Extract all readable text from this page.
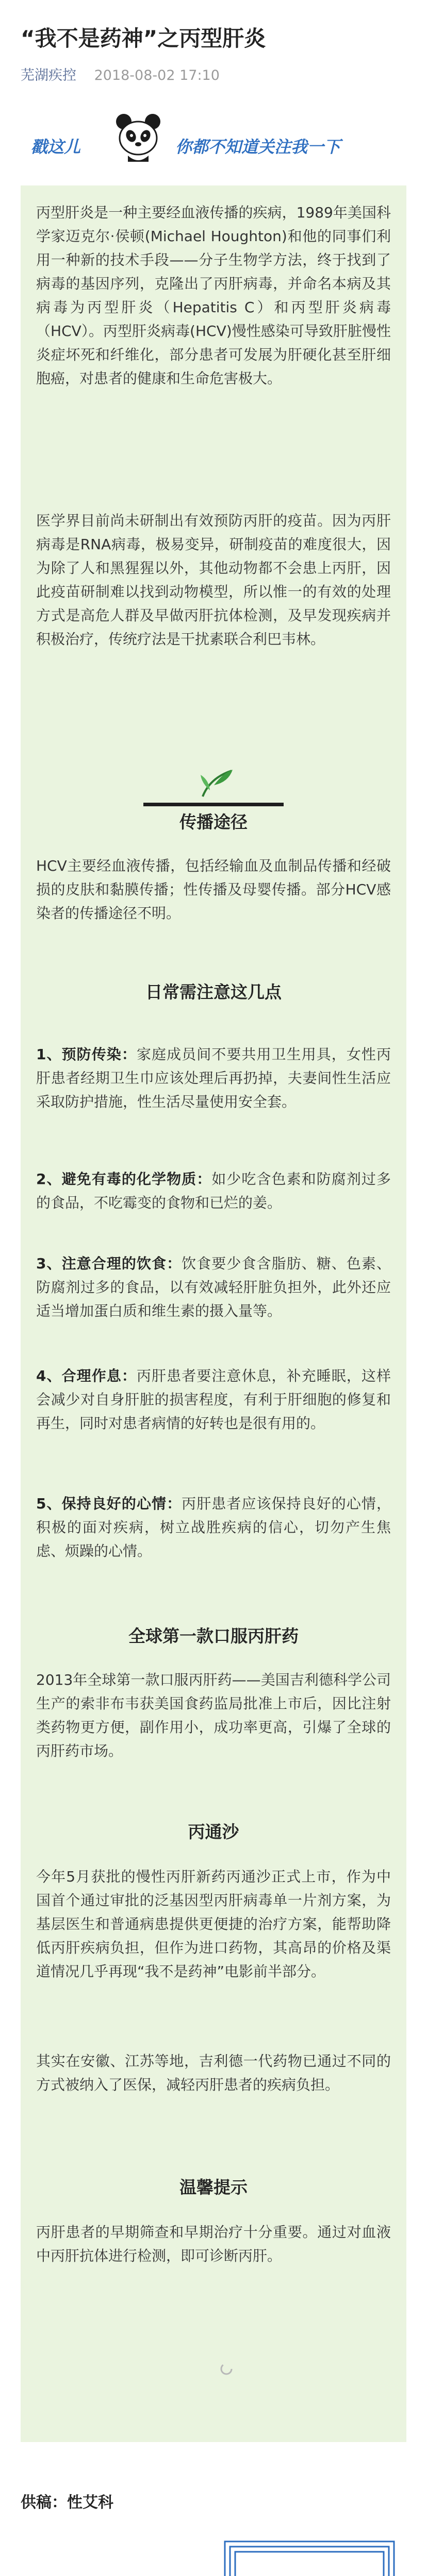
“我不是药神”之丙型肝炎
芜湖疾控 2018-08-02 17:10
戳这儿	你都不知道关注我一下

丙型肝炎是一种主要经血液传播的疾病，1989年美国科学家迈克尔·侯顿(Michael Houghton)和他的同事们利用一种新的技术手段——分子生物学方法，终于找到了病毒的基因序列，克隆出了丙肝病毒，并命名本病及其病毒为丙型肝炎（Hepatitis C）和丙型肝炎病毒（HCV）。丙型肝炎病毒(HCV)慢性感染可导致肝脏慢性炎症坏死和纤维化，部分患者可发展为肝硬化甚至肝细胞癌，对患者的健康和生命危害极大。

医学界目前尚未研制出有效预防丙肝的疫苗。因为丙肝病毒是RNA病毒，极易变异，研制疫苗的难度很大，因为除了人和黑猩猩以外，其他动物都不会患上丙肝，因此疫苗研制难以找到动物模型，所以惟一的有效的处理方式是高危人群及早做丙肝抗体检测，及早发现疾病并积极治疗，传统疗法是干扰素联合利巴韦林。

传播途径

HCV主要经血液传播，包括经输血及血制品传播和经破损的皮肤和黏膜传播；性传播及母婴传播。部分HCV感染者的传播途径不明。

日常需注意这几点

1、预防传染：家庭成员间不要共用卫生用具，女性丙肝患者经期卫生巾应该处理后再扔掉，夫妻间性生活应采取防护措施，性生活尽量使用安全套。

2、避免有毒的化学物质：如少吃含色素和防腐剂过多的食品，不吃霉变的食物和已烂的姜。

3、注意合理的饮食：饮食要少食含脂肪、糖、色素、防腐剂过多的食品，以有效减轻肝脏负担外，此外还应适当增加蛋白质和维生素的摄入量等。

4、合理作息：丙肝患者要注意休息，补充睡眠，这样会减少对自身肝脏的损害程度，有利于肝细胞的修复和再生，同时对患者病情的好转也是很有用的。

5、保持良好的心情：丙肝患者应该保持良好的心情，积极的面对疾病，树立战胜疾病的信心，切勿产生焦虑、烦躁的心情。

全球第一款口服丙肝药

2013年全球第一款口服丙肝药——美国吉利德科学公司生产的索非布韦获美国食药监局批准上市后，因比注射类药物更方便，副作用小，成功率更高，引爆了全球的丙肝药市场。

丙通沙

今年5月获批的慢性丙肝新药丙通沙正式上市，作为中国首个通过审批的泛基因型丙肝病毒单一片剂方案，为基层医生和普通病患提供更便捷的治疗方案，能帮助降低丙肝疾病负担，但作为进口药物，其高昂的价格及渠道情况几乎再现“我不是药神”电影前半部分。

其实在安徽、江苏等地，吉利德一代药物已通过不同的方式被纳入了医保，减轻丙肝患者的疾病负担。

温馨提示

丙肝患者的早期筛查和早期治疗十分重要。通过对血液中丙肝抗体进行检测，即可诊断丙肝。

供稿：性艾科
